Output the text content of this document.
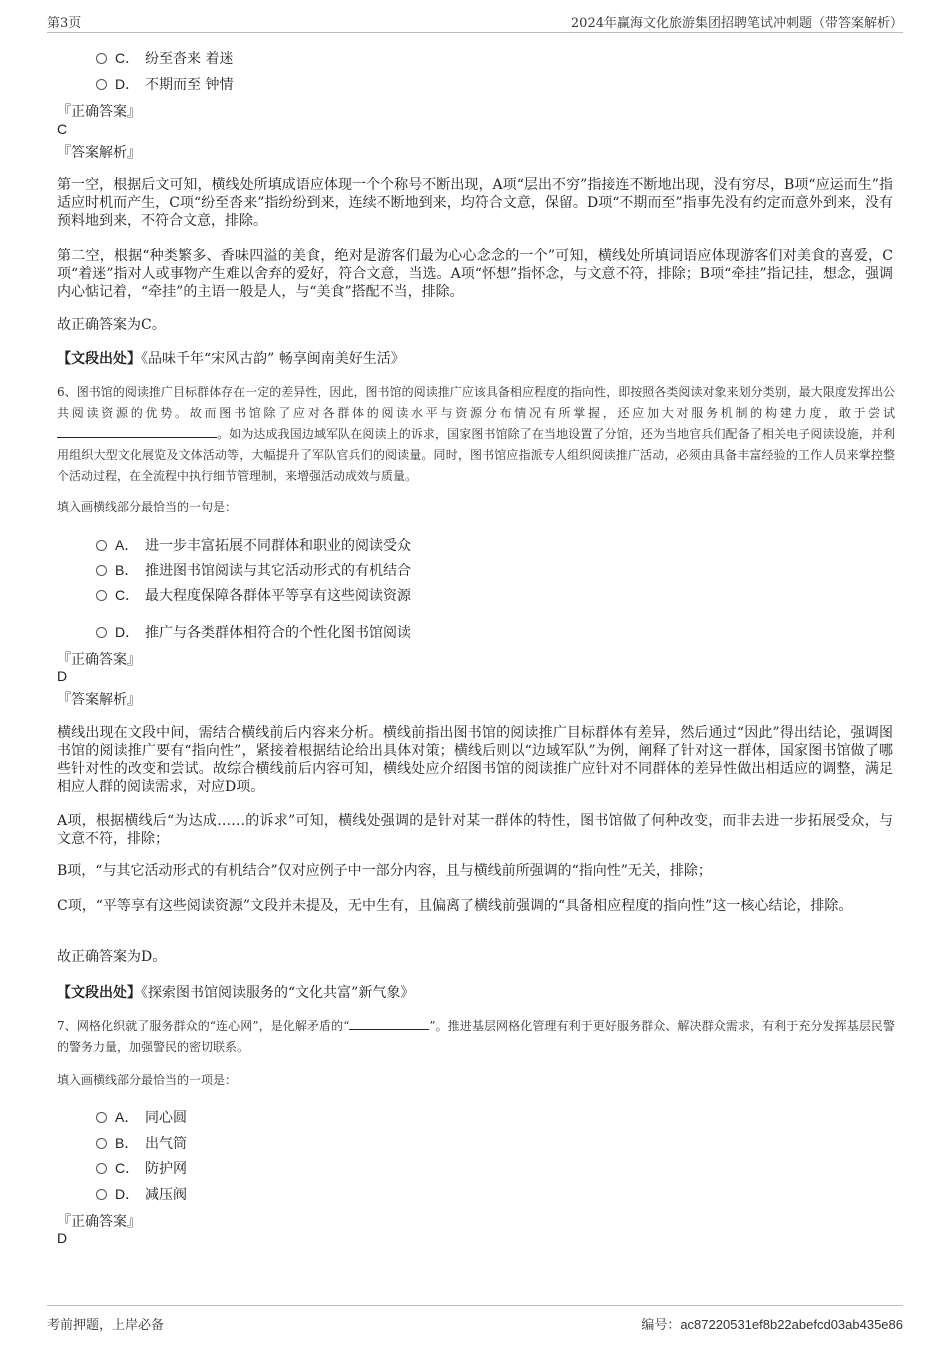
第3页	2024年赢海文化旅游集团招聘笔试冲刺题（带答案解析）
C． 纷至沓来 着迷
D． 不期而至 钟情
『正确答案』
C
『答案解析』

第一空，根据后文可知，横线处所填成语应体现一个个称号不断出现，A项“层出不穷”指接连不断地出现，没有穷尽，B项“应运而生”指适应时机而产生，C项“纷至沓来”指纷纷到来，连续不断地到来，均符合文意，保留。D项“不期而至”指事先没有约定而意外到来，没有预料地到来，不符合文意，排除。

第二空，根据“种类繁多、香味四溢的美食，绝对是游客们最为心心念念的一个”可知，横线处所填词语应体现游客们对美食的喜爱，C项“着迷”指对人或事物产生难以舍弃的爱好，符合文意，当选。A项“怀想”指怀念，与文意不符，排除；B项“牵挂”指记挂，想念，强调内心惦记着，“牵挂”的主语一般是人，与“美食”搭配不当，排除。

故正确答案为C。

【文段出处】《品味千年“宋风古韵” 畅享闽南美好生活》

6、图书馆的阅读推广目标群体存在一定的差异性，因此，图书馆的阅读推广应该具备相应程度的指向性，即按照各类阅读对象来划分类别，最大限度发挥出公共阅读资源的优势。故而图书馆除了应对各群体的阅读水平与资源分布情况有所掌握，还应加大对服务机制的构建力度，敢于尝试。如为达成我国边域军队在阅读上的诉求，国家图书馆除了在当地设置了分馆，还为当地官兵们配备了相关电子阅读设施，并利用组织大型文化展览及文体活动等，大幅提升了军队官兵们的阅读量。同时，图书馆应指派专人组织阅读推广活动，必须由具备丰富经验的工作人员来掌控整个活动过程，在全流程中执行细节管理制，来增强活动成效与质量。

填入画横线部分最恰当的一句是：
A． 进一步丰富拓展不同群体和职业的阅读受众
B． 推进图书馆阅读与其它活动形式的有机结合
C． 最大程度保障各群体平等享有这些阅读资源
D． 推广与各类群体相符合的个性化图书馆阅读
『正确答案』
D
『答案解析』

横线出现在文段中间，需结合横线前后内容来分析。横线前指出图书馆的阅读推广目标群体有差异，然后通过“因此”得出结论，强调图书馆的阅读推广要有“指向性”，紧接着根据结论给出具体对策；横线后则以“边域军队”为例，阐释了针对这一群体，国家图书馆做了哪些针对性的改变和尝试。故综合横线前后内容可知，横线处应介绍图书馆的阅读推广应针对不同群体的差异性做出相适应的调整，满足相应人群的阅读需求，对应D项。

A项，根据横线后“为达成……的诉求”可知，横线处强调的是针对某一群体的特性，图书馆做了何种改变，而非去进一步拓展受众，与文意不符，排除；

B项，“与其它活动形式的有机结合”仅对应例子中一部分内容，且与横线前所强调的“指向性”无关，排除；

C项，“平等享有这些阅读资源”文段并未提及，无中生有，且偏离了横线前强调的“具备相应程度的指向性”这一核心结论，排除。

故正确答案为D。

【文段出处】《探索图书馆阅读服务的“文化共富”新气象》

7、网格化织就了服务群众的“连心网”，是化解矛盾的“	”。推进基层网格化管理有利于更好服务群众、解决群众需求，有利于充分发挥基层民警的警务力量，加强警民的密切联系。

填入画横线部分最恰当的一项是：
A． 同心圆
B． 出气筒
C． 防护网
D． 减压阀
『正确答案』
D
考前押题，上岸必备	编号：ac87220531ef8b22abefcd03ab435e86
